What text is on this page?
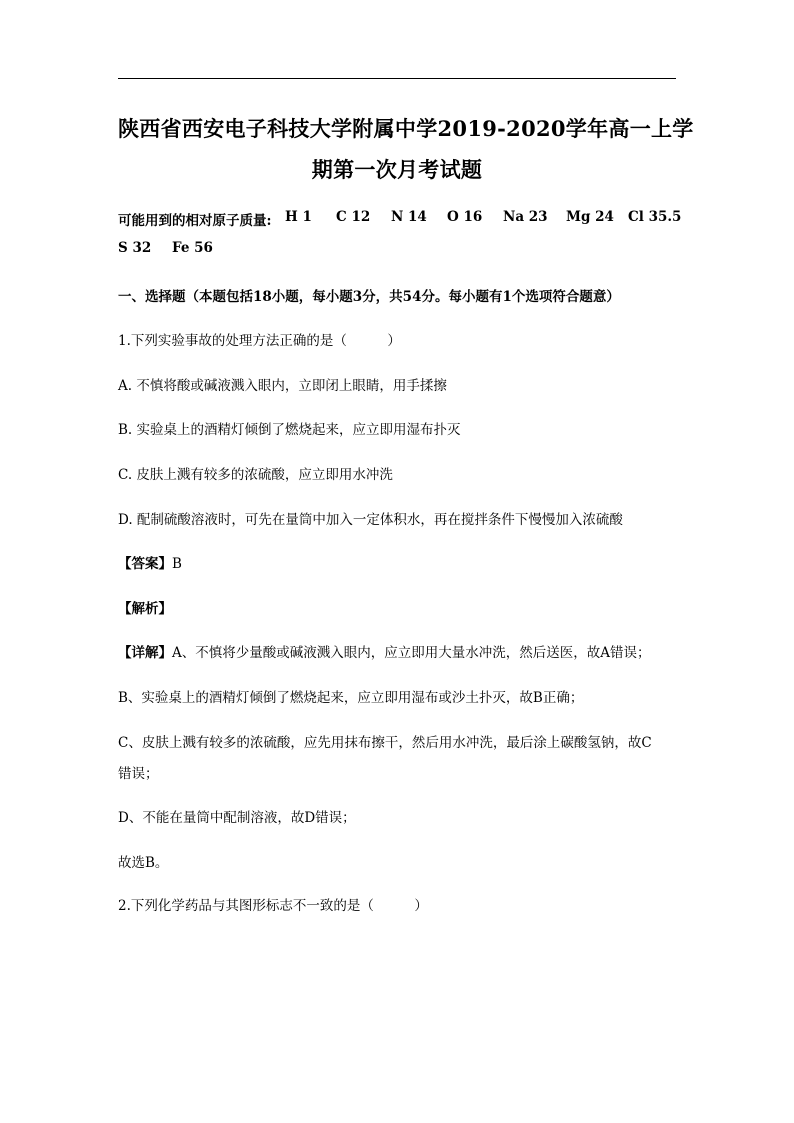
陕西省西安电子科技大学附属中学2019-2020学年高一上学
期第一次月考试题
可能用到的相对原子质量: H 1 C 12 N 14 O 16 Na 23 Mg 24 Cl 35.5
S 32 Fe 56
一、选择题（本题包括18小题，每小题3分，共54分。每小题有1个选项符合题意）
1.下列实验事故的处理方法正确的是（　　　）
A. 不慎将酸或碱液溅入眼内，立即闭上眼睛，用手揉擦
B. 实验桌上的酒精灯倾倒了燃烧起来，应立即用湿布扑灭
C. 皮肤上溅有较多的浓硫酸，应立即用水冲洗
D. 配制硫酸溶液时，可先在量筒中加入一定体积水，再在搅拌条件下慢慢加入浓硫酸
【答案】B
【解析】
【详解】A、不慎将少量酸或碱液溅入眼内，应立即用大量水冲洗，然后送医，故A错误；
B、实验桌上的酒精灯倾倒了燃烧起来，应立即用湿布或沙土扑灭，故B正确；
C、皮肤上溅有较多的浓硫酸，应先用抹布擦干，然后用水冲洗，最后涂上碳酸氢钠，故C
错误；
D、不能在量筒中配制溶液，故D错误；
故选B。
2.下列化学药品与其图形标志不一致的是（　　　）
